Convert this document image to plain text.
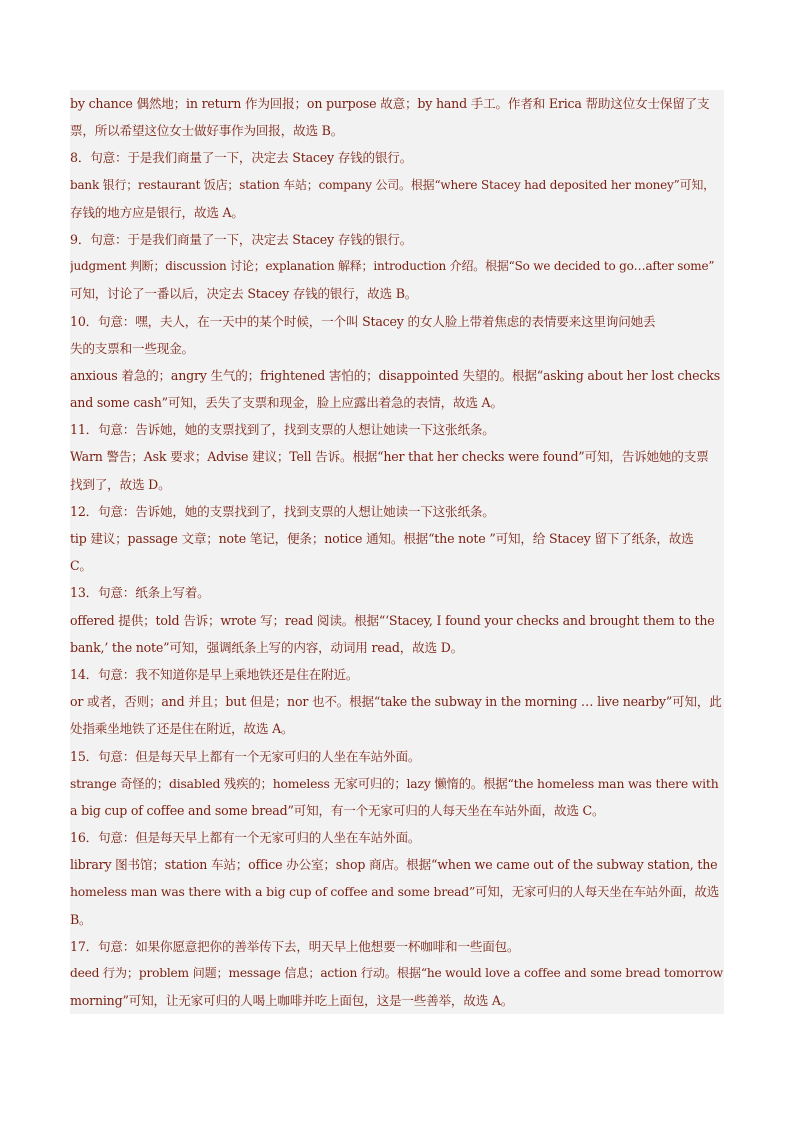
by chance 偶然地；in return 作为回报；on purpose 故意；by hand 手工。作者和 Erica 帮助这位女士保留了支
票，所以希望这位女士做好事作为回报，故选 B。
8．句意：于是我们商量了一下，决定去 Stacey 存钱的银行。
bank 银行；restaurant 饭店；station 车站；company 公司。根据“where Stacey had deposited her money”可知，
存钱的地方应是银行，故选 A。
9．句意：于是我们商量了一下，决定去 Stacey 存钱的银行。
judgment 判断；discussion 讨论；explanation 解释；introduction 介绍。根据“So we decided to go…after some”
可知，讨论了一番以后，决定去 Stacey 存钱的银行，故选 B。
10．句意：嘿，夫人，在一天中的某个时候，一个叫 Stacey 的女人脸上带着焦虑的表情要来这里询问她丢
失的支票和一些现金。
anxious 着急的；angry 生气的；frightened 害怕的；disappointed 失望的。根据“asking about her lost checks
and some cash”可知，丢失了支票和现金，脸上应露出着急的表情，故选 A。
11．句意：告诉她，她的支票找到了，找到支票的人想让她读一下这张纸条。
Warn 警告；Ask 要求；Advise 建议；Tell 告诉。根据“her that her checks were found”可知，告诉她她的支票
找到了，故选 D。
12．句意：告诉她，她的支票找到了，找到支票的人想让她读一下这张纸条。
tip 建议；passage 文章；note 笔记，便条；notice 通知。根据“the note ”可知，给 Stacey 留下了纸条，故选
C。
13．句意：纸条上写着。
offered 提供；told 告诉；wrote 写；read 阅读。根据“‘Stacey, I found your checks and brought them to the
bank,’ the note”可知，强调纸条上写的内容，动词用 read，故选 D。
14．句意：我不知道你是早上乘地铁还是住在附近。
or 或者，否则；and 并且；but 但是；nor 也不。根据“take the subway in the morning … live nearby”可知，此
处指乘坐地铁了还是住在附近，故选 A。
15．句意：但是每天早上都有一个无家可归的人坐在车站外面。
strange 奇怪的；disabled 残疾的；homeless 无家可归的；lazy 懒惰的。根据“the homeless man was there with
a big cup of coffee and some bread”可知，有一个无家可归的人每天坐在车站外面，故选 C。
16．句意：但是每天早上都有一个无家可归的人坐在车站外面。
library 图书馆；station 车站；office 办公室；shop 商店。根据“when we came out of the subway station, the
homeless man was there with a big cup of coffee and some bread”可知，无家可归的人每天坐在车站外面，故选
B。
17．句意：如果你愿意把你的善举传下去，明天早上他想要一杯咖啡和一些面包。
deed 行为；problem 问题；message 信息；action 行动。根据“he would love a coffee and some bread tomorrow
morning”可知，让无家可归的人喝上咖啡并吃上面包，这是一些善举，故选 A。
